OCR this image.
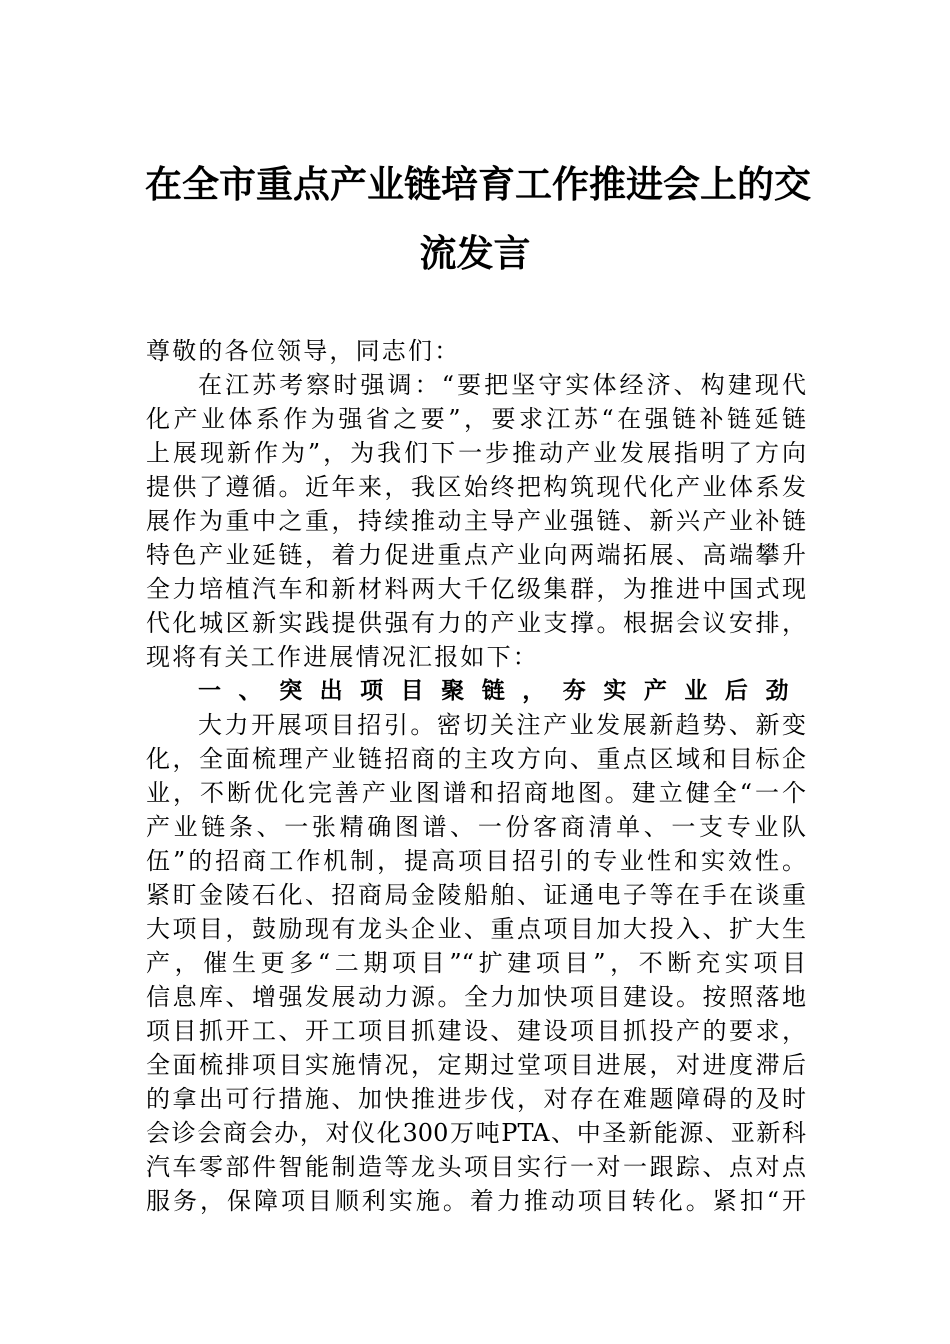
在全市重点产业链培育工作推进会上的交
流发言
尊敬的各位领导，同志们：
在江苏考察时强调：“要把坚守实体经济、构建现代
化产业体系作为强省之要”，要求江苏“在强链补链延链
上展现新作为”，为我们下一步推动产业发展指明了方向
提供了遵循。近年来，我区始终把构筑现代化产业体系发
展作为重中之重，持续推动主导产业强链、新兴产业补链
特色产业延链，着力促进重点产业向两端拓展、高端攀升
全力培植汽车和新材料两大千亿级集群，为推进中国式现
代化城区新实践提供强有力的产业支撑。根据会议安排，
现将有关工作进展情况汇报如下：
一、突出项目聚链，夯实产业后劲
大力开展项目招引。密切关注产业发展新趋势、新变
化，全面梳理产业链招商的主攻方向、重点区域和目标企
业，不断优化完善产业图谱和招商地图。建立健全“一个
产业链条、一张精确图谱、一份客商清单、一支专业队
伍”的招商工作机制，提高项目招引的专业性和实效性。
紧盯金陵石化、招商局金陵船舶、证通电子等在手在谈重
大项目，鼓励现有龙头企业、重点项目加大投入、扩大生
产，催生更多“二期项目”“扩建项目”，不断充实项目
信息库、增强发展动力源。全力加快项目建设。按照落地
项目抓开工、开工项目抓建设、建设项目抓投产的要求，
全面梳排项目实施情况，定期过堂项目进展，对进度滞后
的拿出可行措施、加快推进步伐，对存在难题障碍的及时
会诊会商会办，对仪化300万吨PTA、中圣新能源、亚新科
汽车零部件智能制造等龙头项目实行一对一跟踪、点对点
服务，保障项目顺利实施。着力推动项目转化。紧扣“开
